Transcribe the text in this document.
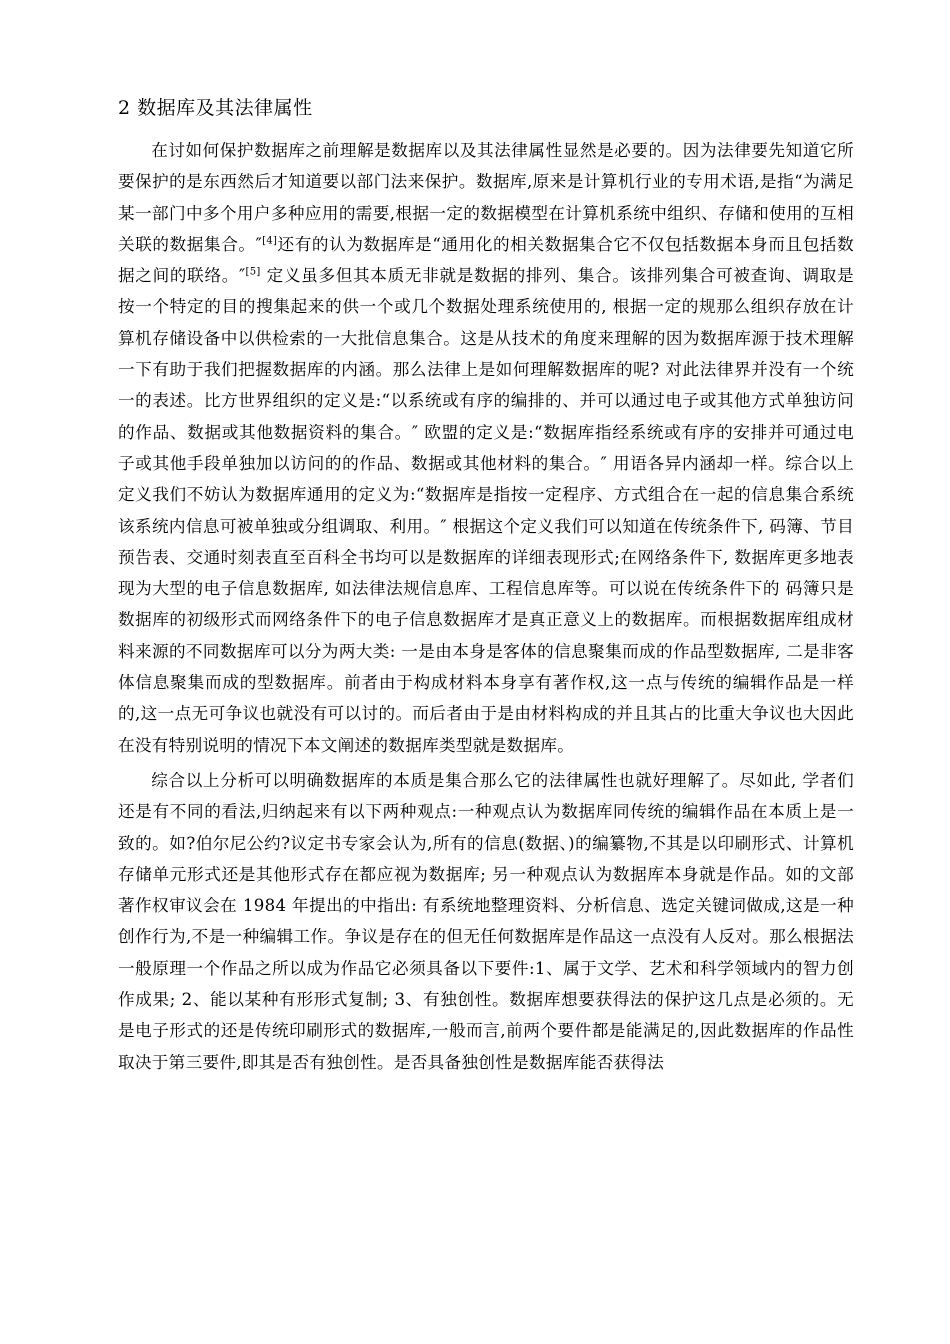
2 数据库及其法律属性

在讨如何保护数据库之前理解是数据库以及其法律属性显然是必要的。因为法律要先知道它所要保护的是东西然后才知道要以部门法来保护。数据库,原来是计算机行业的专用术语,是指“为满足某一部门中多个用户多种应用的需要,根据一定的数据模型在计算机系统中组织、存储和使用的互相关联的数据集合。″[4]还有的认为数据库是“通用化的相关数据集合它不仅包括数据本身而且包括数据之间的联络。″[5] 定义虽多但其本质无非就是数据的排列、集合。该排列集合可被查询、调取是按一个特定的目的搜集起来的供一个或几个数据处理系统使用的, 根据一定的规那么组织存放在计算机存储设备中以供检索的一大批信息集合。这是从技术的角度来理解的因为数据库源于技术理解一下有助于我们把握数据库的内涵。那么法律上是如何理解数据库的呢? 对此法律界并没有一个统一的表述。比方世界组织的定义是:“以系统或有序的编排的、并可以通过电子或其他方式单独访问的作品、数据或其他数据资料的集合。″ 欧盟的定义是:“数据库指经系统或有序的安排并可通过电子或其他手段单独加以访问的的作品、数据或其他材料的集合。″ 用语各异内涵却一样。综合以上定义我们不妨认为数据库通用的定义为:“数据库是指按一定程序、方式组合在一起的信息集合系统该系统内信息可被单独或分组调取、利用。″ 根据这个定义我们可以知道在传统条件下, 码簿、节目预告表、交通时刻表直至百科全书均可以是数据库的详细表现形式;在网络条件下, 数据库更多地表现为大型的电子信息数据库, 如法律法规信息库、工程信息库等。可以说在传统条件下的 码簿只是数据库的初级形式而网络条件下的电子信息数据库才是真正意义上的数据库。而根据数据库组成材料来源的不同数据库可以分为两大类: 一是由本身是客体的信息聚集而成的作品型数据库, 二是非客体信息聚集而成的型数据库。前者由于构成材料本身享有著作权,这一点与传统的编辑作品是一样的,这一点无可争议也就没有可以讨的。而后者由于是由材料构成的并且其占的比重大争议也大因此在没有特别说明的情况下本文阐述的数据库类型就是数据库。

综合以上分析可以明确数据库的本质是集合那么它的法律属性也就好理解了。尽如此, 学者们还是有不同的看法,归纳起来有以下两种观点:一种观点认为数据库同传统的编辑作品在本质上是一致的。如?伯尔尼公约?议定书专家会认为,所有的信息(数据、)的编纂物,不其是以印刷形式、计算机存储单元形式还是其他形式存在都应视为数据库; 另一种观点认为数据库本身就是作品。如的文部著作权审议会在 1984 年提出的中指出: 有系统地整理资料、分析信息、选定关键词做成,这是一种创作行为,不是一种编辑工作。争议是存在的但无任何数据库是作品这一点没有人反对。那么根据法一般原理一个作品之所以成为作品它必须具备以下要件:1、属于文学、艺术和科学领域内的智力创作成果; 2、能以某种有形形式复制; 3、有独创性。数据库想要获得法的保护这几点是必须的。无是电子形式的还是传统印刷形式的数据库,一般而言,前两个要件都是能满足的,因此数据库的作品性取决于第三要件,即其是否有独创性。是否具备独创性是数据库能否获得法
